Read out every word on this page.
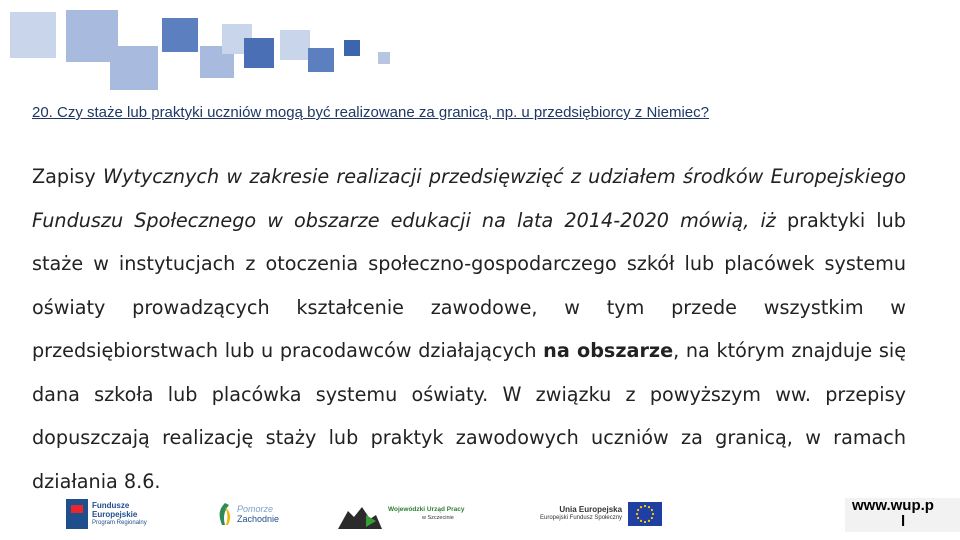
20. Czy staże lub praktyki uczniów mogą być realizowane za granicą, np. u przedsiębiorcy z Niemiec?
Zapisy Wytycznych w zakresie realizacji przedsięwzięć z udziałem środków Europejskiego Funduszu Społecznego w obszarze edukacji na lata 2014-2020 mówią, iż praktyki lub staże w instytucjach z otoczenia społeczno-gospodarczego szkół lub placówek systemu oświaty prowadzących kształcenie zawodowe, w tym przede wszystkim w przedsiębiorstwach lub u pracodawców działających na obszarze, na którym znajduje się dana szkoła lub placówka systemu oświaty. W związku z powyższym ww. przepisy dopuszczają realizację staży lub praktyk zawodowych uczniów za granicą, w ramach działania 8.6.
Fundusze
Europejskie
Program Regionalny
Pomorze
Zachodnie
Wojewódzki Urząd Pracy
w Szczecinie
Unia Europejska
Europejski Fundusz Społeczny
www.wup.p
l
